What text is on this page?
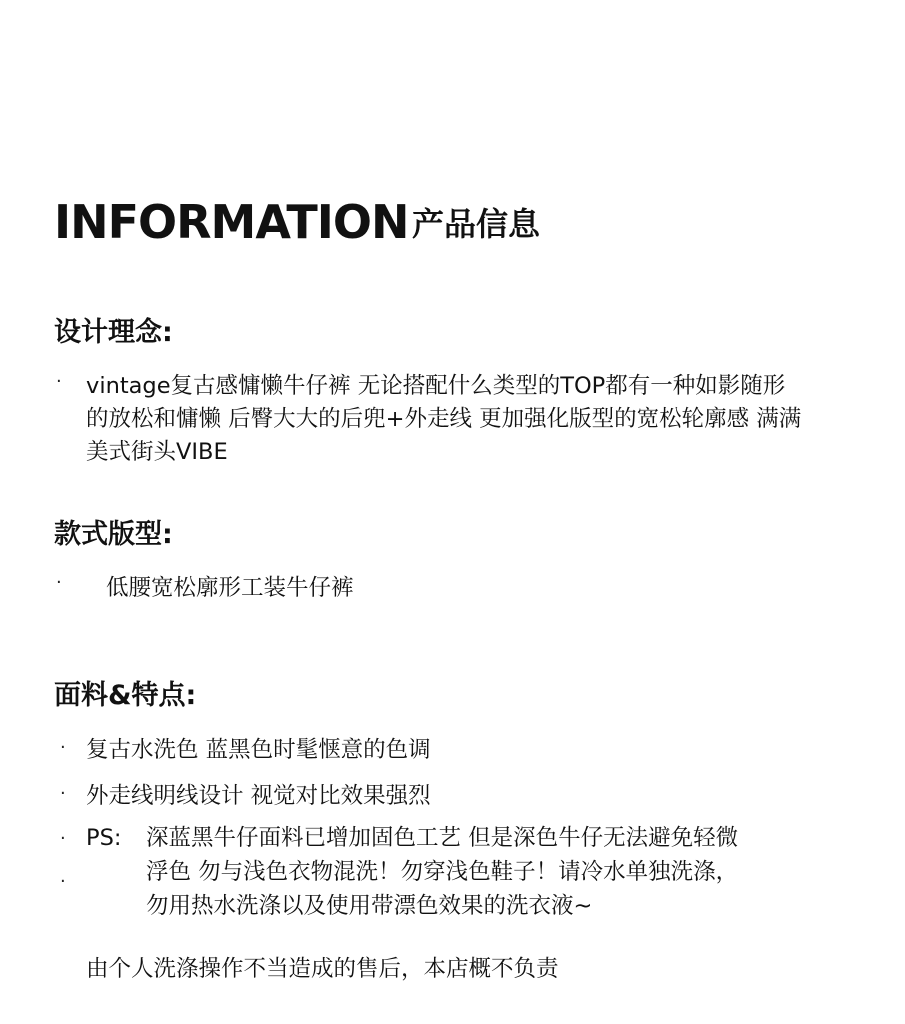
INFORMATION 产品信息
设计理念:
· vintage复古感慵懒牛仔裤 无论搭配什么类型的TOP都有一种如影随形
的放松和慵懒 后臀大大的后兜+外走线 更加强化版型的宽松轮廓感 满满
美式街头VIBE
款式版型:
· 低腰宽松廓形工装牛仔裤
面料&特点:
· 复古水洗色 蓝黑色时髦惬意的色调
· 外走线明线设计 视觉对比效果强烈
· PS: 深蓝黑牛仔面料已增加固色工艺 但是深色牛仔无法避免轻微
·	浮色 勿与浅色衣物混洗！勿穿浅色鞋子！请冷水单独洗涤，
勿用热水洗涤以及使用带漂色效果的洗衣液~
由个人洗涤操作不当造成的售后，本店概不负责
